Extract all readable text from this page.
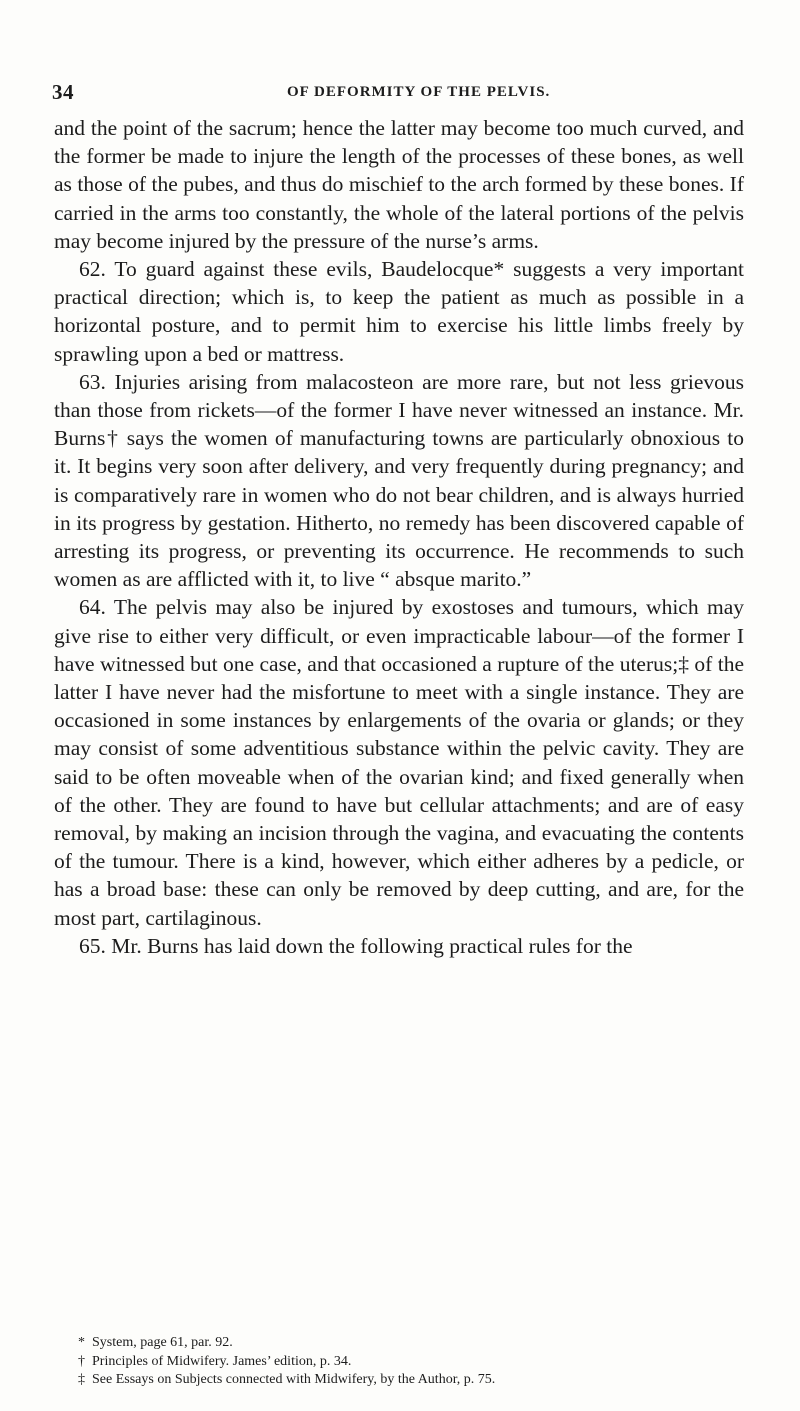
34	OF DEFORMITY OF THE PELVIS.

and the point of the sacrum; hence the latter may become too much curved, and the former be made to injure the length of the processes of these bones, as well as those of the pubes, and thus do mischief to the arch formed by these bones. If carried in the arms too constantly, the whole of the lateral portions of the pelvis may become injured by the pressure of the nurse’s arms.

62. To guard against these evils, Baudelocque* suggests a very important practical direction; which is, to keep the patient as much as possible in a horizontal posture, and to permit him to exercise his little limbs freely by sprawling upon a bed or mattress.

63. Injuries arising from malacosteon are more rare, but not less grievous than those from rickets—of the former I have never witnessed an instance. Mr. Burns† says the women of manufacturing towns are particularly obnoxious to it. It begins very soon after delivery, and very frequently during pregnancy; and is comparatively rare in women who do not bear children, and is always hurried in its progress by gestation. Hitherto, no remedy has been discovered capable of arresting its progress, or preventing its occurrence. He recommends to such women as are afflicted with it, to live “ absque marito.”

64. The pelvis may also be injured by exostoses and tumours, which may give rise to either very difficult, or even impracticable labour—of the former I have witnessed but one case, and that occasioned a rupture of the uterus;‡ of the latter I have never had the misfortune to meet with a single instance. They are occasioned in some instances by enlargements of the ovaria or glands; or they may consist of some adventitious substance within the pelvic cavity. They are said to be often moveable when of the ovarian kind; and fixed generally when of the other. They are found to have but cellular attachments; and are of easy removal, by making an incision through the vagina, and evacuating the contents of the tumour. There is a kind, however, which either adheres by a pedicle, or has a broad base: these can only be removed by deep cutting, and are, for the most part, cartilaginous.

65. Mr. Burns has laid down the following practical rules for the

* System, page 61, par. 92.
† Principles of Midwifery. James’ edition, p. 34.
‡ See Essays on Subjects connected with Midwifery, by the Author, p. 75.
